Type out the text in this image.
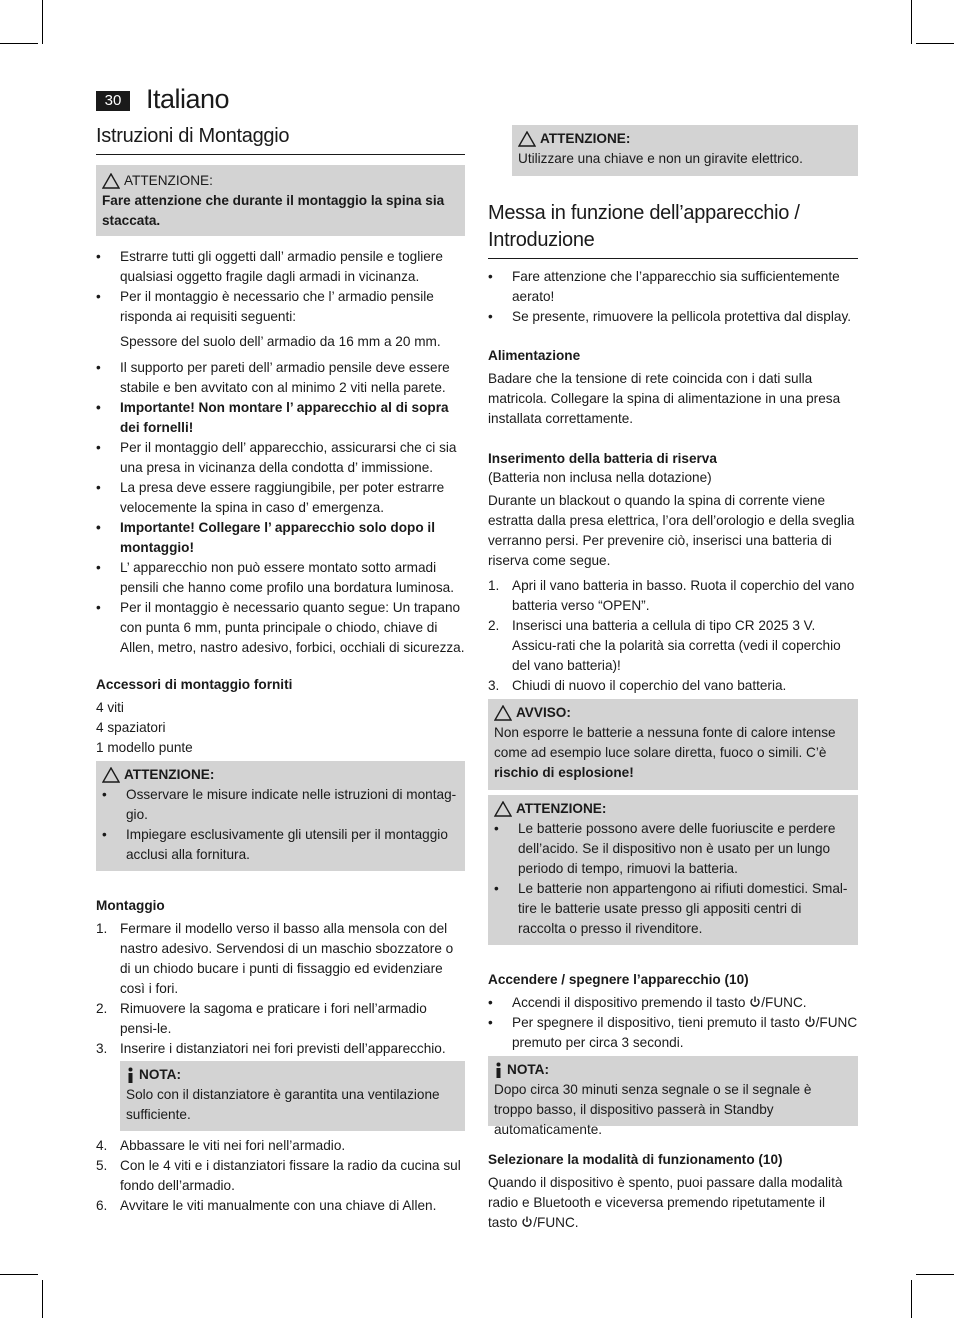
30 Italiano
Istruzioni di Montaggio
ATTENZIONE:
Fare attenzione che durante il montaggio la spina sia staccata.
• Estrarre tutti gli oggetti dall’ armadio pensile e togliere qualsiasi oggetto fragile dagli armadi in vicinanza.
• Per il montaggio è necessario che l’ armadio pensile risponda ai requisiti seguenti:
Spessore del suolo dell’ armadio da 16 mm a 20 mm.
• Il supporto per pareti dell’ armadio pensile deve essere stabile e ben avvitato con al minimo 2 viti nella parete.
• Importante! Non montare l’ apparecchio al di sopra dei fornelli!
• Per il montaggio dell’ apparecchio, assicurarsi che ci sia una presa in vicinanza della condotta d’ immissione.
• La presa deve essere raggiungibile, per poter estrarre velocemente la spina in caso d’ emergenza.
• Importante! Collegare l’ apparecchio solo dopo il montaggio!
• L’ apparecchio non può essere montato sotto armadi pensili che hanno come profilo una bordatura luminosa.
• Per il montaggio è necessario quanto segue: Un trapano con punta 6 mm, punta principale o chiodo, chiave di Allen, metro, nastro adesivo, forbici, occhiali di sicurezza.
Accessori di montaggio forniti
4 viti
4 spaziatori
1 modello punte
ATTENZIONE:
• Osservare le misure indicate nelle istruzioni di montag-gio.
• Impiegare esclusivamente gli utensili per il montaggio acclusi alla fornitura.
Montaggio
1. Fermare il modello verso il basso alla mensola con del nastro adesivo. Servendosi di un maschio sbozzatore o di un chiodo bucare i punti di fissaggio ed evidenziare così i fori.
2. Rimuovere la sagoma e praticare i fori nell’armadio pensi-le.
3. Inserire i distanziatori nei fori previsti dell’apparecchio.
NOTA:
Solo con il distanziatore è garantita una ventilazione sufficiente.
4. Abbassare le viti nei fori nell’armadio.
5. Con le 4 viti e i distanziatori fissare la radio da cucina sul fondo dell’armadio.
6. Avvitare le viti manualmente con una chiave di Allen.
ATTENZIONE:
Utilizzare una chiave e non un giravite elettrico.
Messa in funzione dell’apparecchio / Introduzione
• Fare attenzione che l’apparecchio sia sufficientemente aerato!
• Se presente, rimuovere la pellicola protettiva dal display.
Alimentazione
Badare che la tensione di rete coincida con i dati sulla matricola. Collegare la spina di alimentazione in una presa installata correttamente.
Inserimento della batteria di riserva
(Batteria non inclusa nella dotazione)
Durante un blackout o quando la spina di corrente viene estratta dalla presa elettrica, l’ora dell’orologio e della sveglia verranno persi. Per prevenire ciò, inserisci una batteria di riserva come segue.
1. Apri il vano batteria in basso. Ruota il coperchio del vano batteria verso “OPEN”.
2. Inserisci una batteria a cellula di tipo CR 2025 3 V. Assicu-rati che la polarità sia corretta (vedi il coperchio del vano batteria)!
3. Chiudi di nuovo il coperchio del vano batteria.
AVVISO:
Non esporre le batterie a nessuna fonte di calore intense come ad esempio luce solare diretta, fuoco o simili. C’è rischio di esplosione!
ATTENZIONE:
• Le batterie possono avere delle fuoriuscite e perdere dell’acido. Se il dispositivo non è usato per un lungo periodo di tempo, rimuovi la batteria.
• Le batterie non appartengono ai rifiuti domestici. Smal-tire le batterie usate presso gli appositi centri di raccolta o presso il rivenditore.
Accendere / spegnere l’apparecchio (10)
• Accendi il dispositivo premendo il tasto /FUNC.
• Per spegnere il dispositivo, tieni premuto il tasto /FUNC premuto per circa 3 secondi.
NOTA:
Dopo circa 30 minuti senza segnale o se il segnale è troppo basso, il dispositivo passerà in Standby automaticamente.
Selezionare la modalità di funzionamento (10)
Quando il dispositivo è spento, puoi passare dalla modalità radio e Bluetooth e viceversa premendo ripetutamente il tasto /FUNC.
